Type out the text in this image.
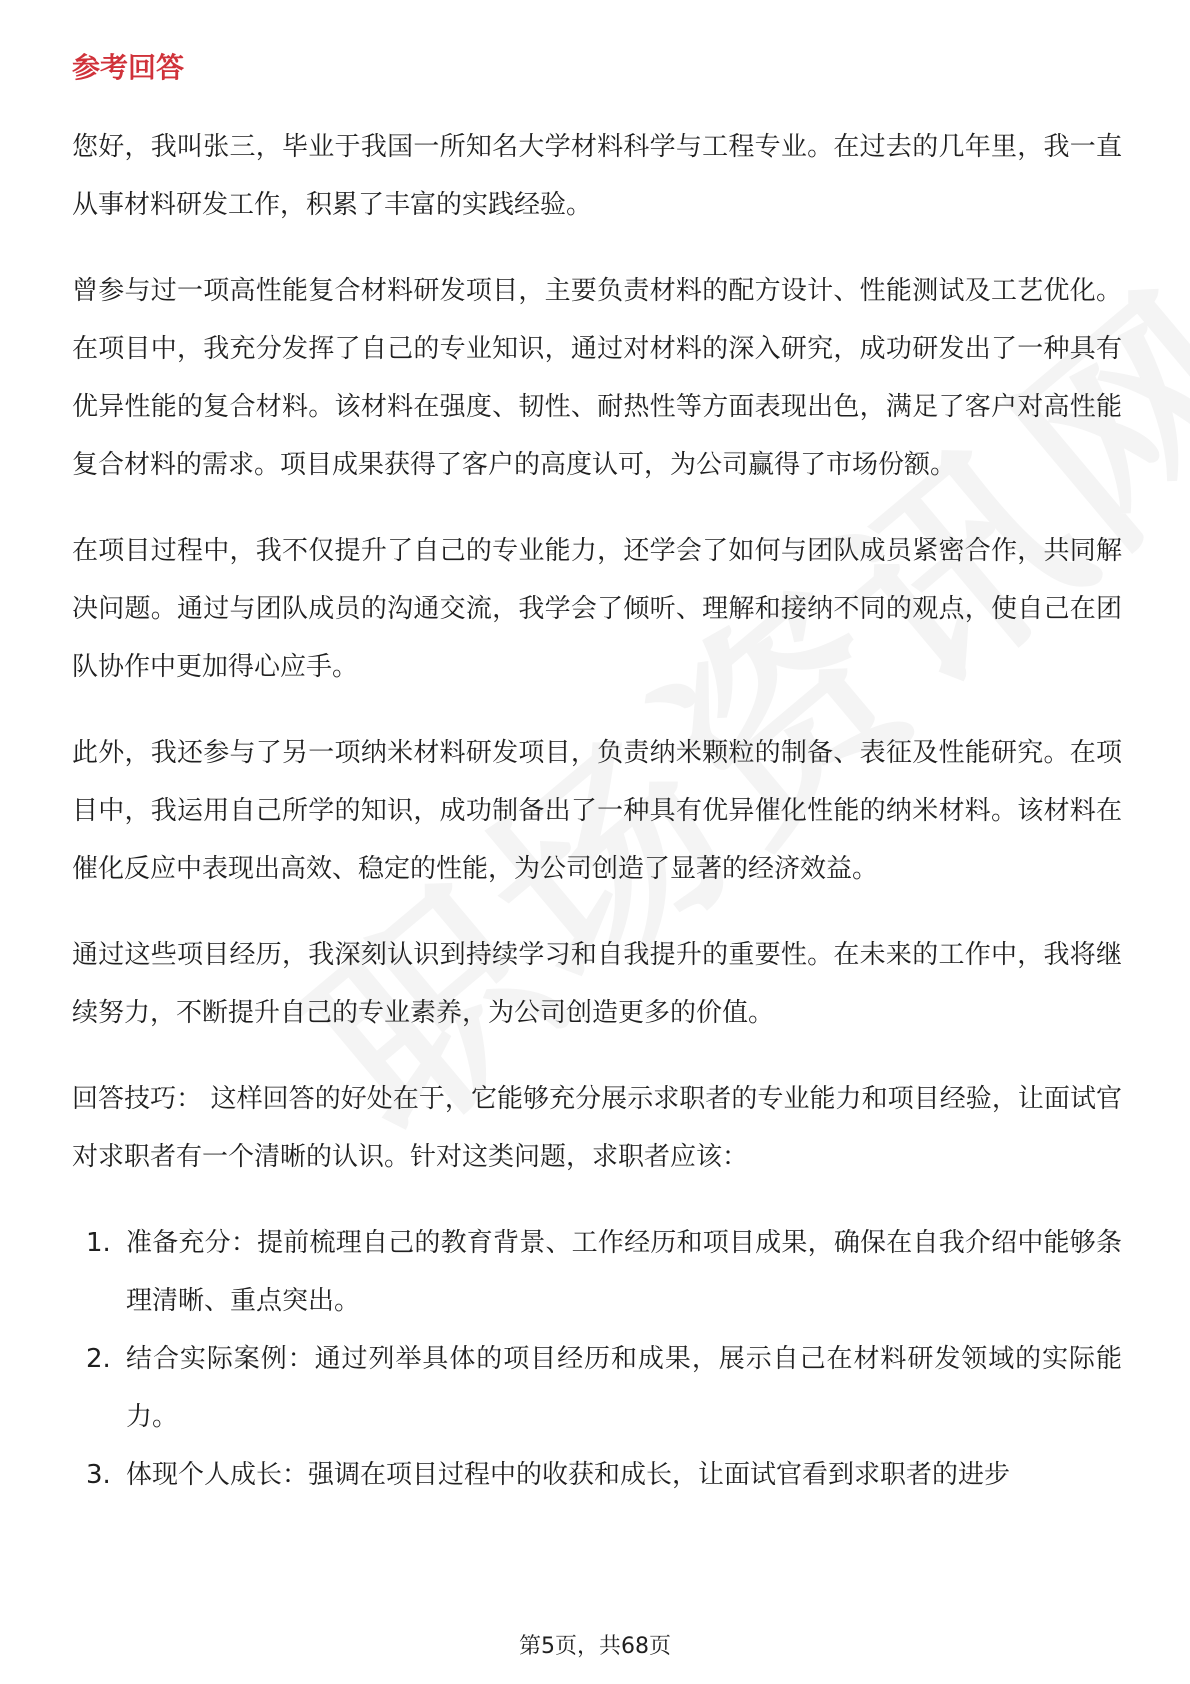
参考回答

您好，我叫张三，毕业于我国一所知名大学材料科学与工程专业。在过去的几年里，我一直从事材料研发工作，积累了丰富的实践经验。

曾参与过一项高性能复合材料研发项目，主要负责材料的配方设计、性能测试及工艺优化。在项目中，我充分发挥了自己的专业知识，通过对材料的深入研究，成功研发出了一种具有优异性能的复合材料。该材料在强度、韧性、耐热性等方面表现出色，满足了客户对高性能复合材料的需求。项目成果获得了客户的高度认可，为公司赢得了市场份额。

在项目过程中，我不仅提升了自己的专业能力，还学会了如何与团队成员紧密合作，共同解决问题。通过与团队成员的沟通交流，我学会了倾听、理解和接纳不同的观点，使自己在团队协作中更加得心应手。

此外，我还参与了另一项纳米材料研发项目，负责纳米颗粒的制备、表征及性能研究。在项目中，我运用自己所学的知识，成功制备出了一种具有优异催化性能的纳米材料。该材料在催化反应中表现出高效、稳定的性能，为公司创造了显著的经济效益。

通过这些项目经历，我深刻认识到持续学习和自我提升的重要性。在未来的工作中，我将继续努力，不断提升自己的专业素养，为公司创造更多的价值。

回答技巧： 这样回答的好处在于，它能够充分展示求职者的专业能力和项目经验，让面试官对求职者有一个清晰的认识。针对这类问题，求职者应该：

1. 准备充分：提前梳理自己的教育背景、工作经历和项目成果，确保在自我介绍中能够条理清晰、重点突出。
2. 结合实际案例：通过列举具体的项目经历和成果，展示自己在材料研发领域的实际能力。
3. 体现个人成长：强调在项目过程中的收获和成长，让面试官看到求职者的进步
第5页，共68页
